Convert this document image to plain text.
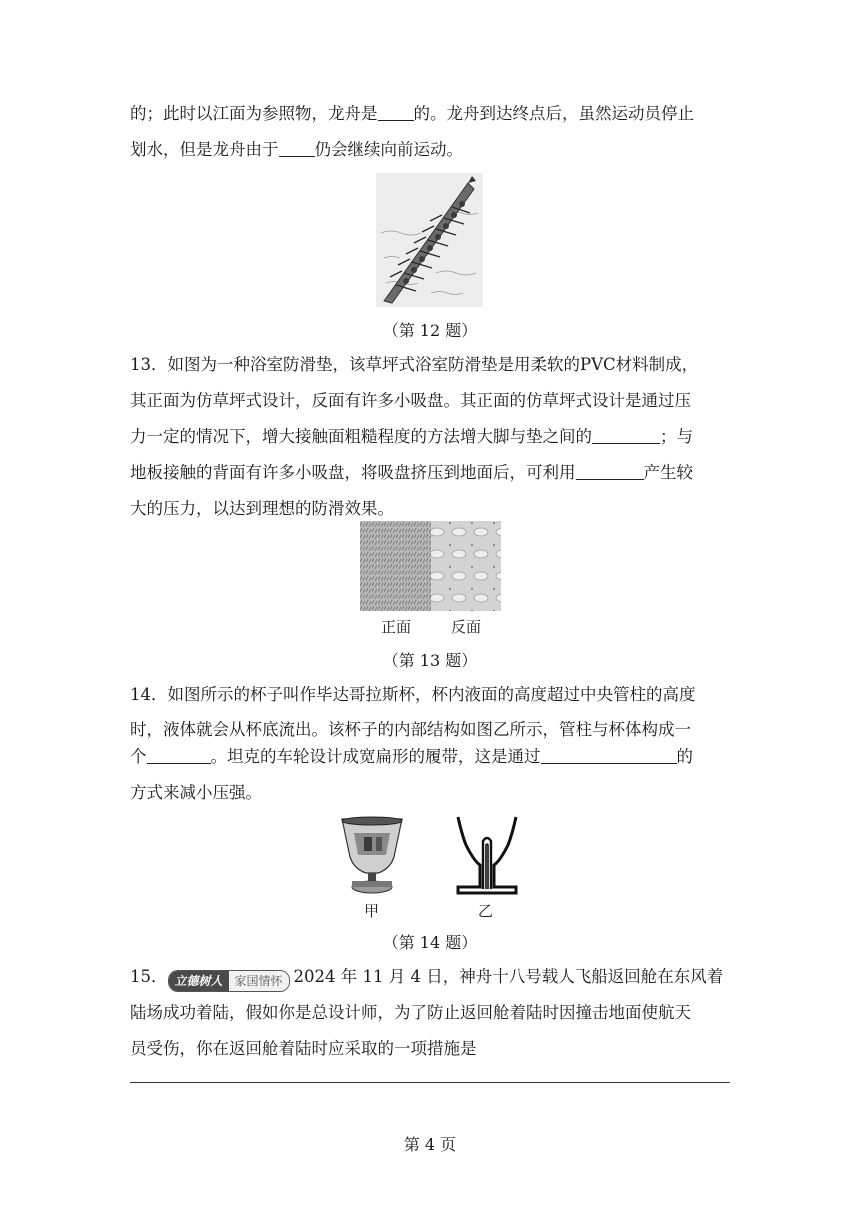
的；此时以江面为参照物，龙舟是 的。龙舟到达终点后，虽然运动员停止
划水，但是龙舟由于 仍会继续向前运动。
（第 12 题）
13．如图为一种浴室防滑垫，该草坪式浴室防滑垫是用柔软的PVC材料制成，
其正面为仿草坪式设计，反面有许多小吸盘。其正面的仿草坪式设计是通过压
力一定的情况下，增大接触面粗糙程度的方法增大脚与垫之间的	；与
地板接触的背面有许多小吸盘，将吸盘挤压到地面后，可利用	产生较
大的压力，以达到理想的防滑效果。
正面	反面
（第 13 题）
14．如图所示的杯子叫作毕达哥拉斯杯，杯内液面的高度超过中央管柱的高度
时，液体就会从杯底流出。该杯子的内部结构如图乙所示，管柱与杯体构成一
个	。坦克的车轮设计成宽扁形的履带，这是通过	的
方式来减小压强。
甲	乙
（第 14 题）
15． 立德树人	家国情怀 2024 年 11 月 4 日，神舟十八号载人飞船返回舱在东风着
陆场成功着陆，假如你是总设计师，为了防止返回舱着陆时因撞击地面使航天
员受伤，你在返回舱着陆时应采取的一项措施是
第 4 页
